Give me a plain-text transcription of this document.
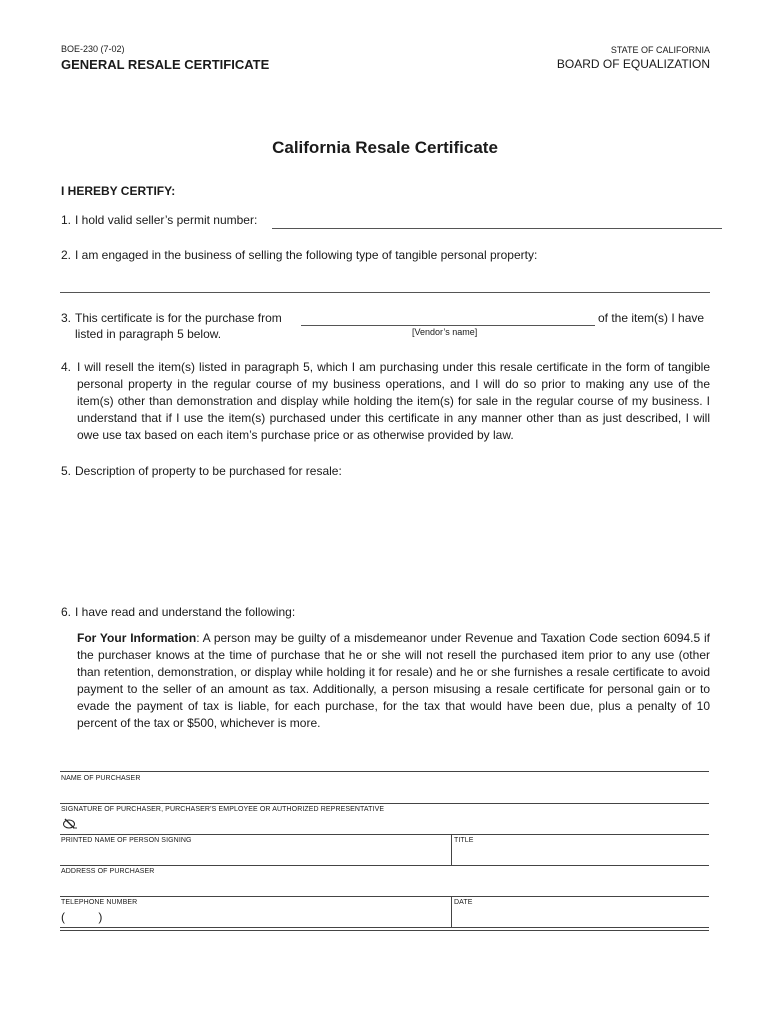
BOE-230 (7-02)
GENERAL RESALE CERTIFICATE
STATE OF CALIFORNIA
BOARD OF EQUALIZATION
California Resale Certificate
I HEREBY CERTIFY:
1. I hold valid seller’s permit number:
2. I am engaged in the business of selling the following type of tangible personal property:
3. This certificate is for the purchase from	of the item(s) I have
listed in paragraph 5 below.	[Vendor’s name]
4. I will resell the item(s) listed in paragraph 5, which I am purchasing under this resale certificate in the form of tangible personal property in the regular course of my business operations, and I will do so prior to making any use of the item(s) other than demonstration and display while holding the item(s) for sale in the regular course of my business. I understand that if I use the item(s) purchased under this certificate in any manner other than as just described, I will owe use tax based on each item’s purchase price or as otherwise provided by law.
5. Description of property to be purchased for resale:
6. I have read and understand the following:
For Your Information: A person may be guilty of a misdemeanor under Revenue and Taxation Code section 6094.5 if the purchaser knows at the time of purchase that he or she will not resell the purchased item prior to any use (other than retention, demonstration, or display while holding it for resale) and he or she furnishes a resale certificate to avoid payment to the seller of an amount as tax. Additionally, a person misusing a resale certificate for personal gain or to evade the payment of tax is liable, for each purchase, for the tax that would have been due, plus a penalty of 10 percent of the tax or $500, whichever is more.
NAME OF PURCHASER
SIGNATURE OF PURCHASER, PURCHASER’S EMPLOYEE OR AUTHORIZED REPRESENTATIVE
PRINTED NAME OF PERSON SIGNING	TITLE
ADDRESS OF PURCHASER
TELEPHONE NUMBER
(          )
DATE
